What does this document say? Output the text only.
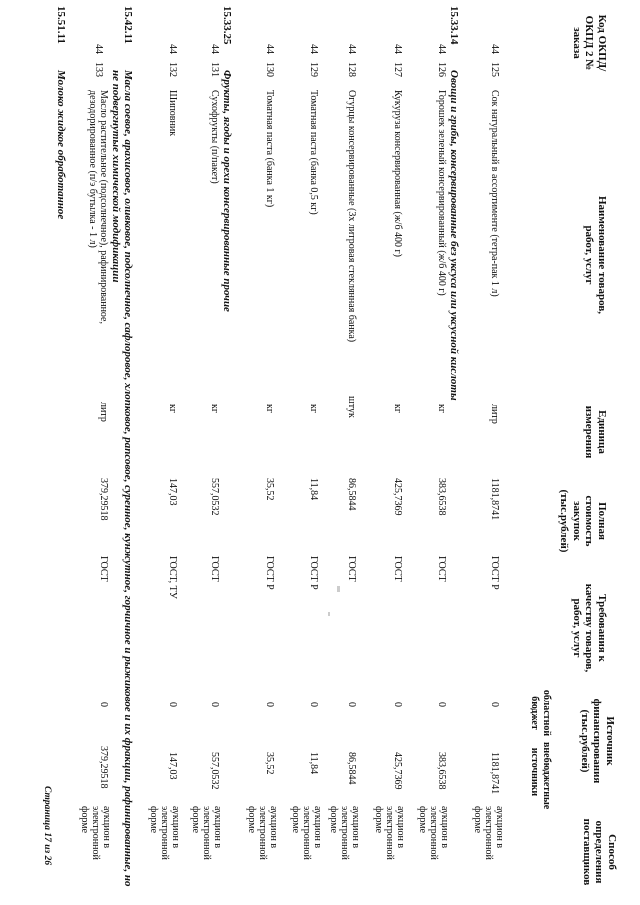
Код ОКПД/ ОКПД 2 № заказа
Наименование товаров, работ, услуг
Единица измерения
Полная стоимость закупок (тыс.рублей)
Требования к качеству товаров, работ, услуг
Источник финансирования (тыс.рублей)
областной бюджет
внебюджетные источники
Способ определения поставщиков
44
125
Сок натуральный в ассортименте (тетра-пак 1 л)
литр
1181,8741
ГОСТ Р
0
1181,8741
аукцион в электронной форме
15.33.14
Овощи и грибы, консервированные без уксуса или уксусной кислоты
44
126
Горошек зеленый консервированный (ж/б 400 г)
кг
383,6538
ГОСТ
0
383,6538
аукцион в электронной форме
44
127
Кукуруза консервированная (ж/б 400 г)
кг
425,7369
ГОСТ
0
425,7369
аукцион в электронной форме
44
128
Огурцы консервированные (3х литровая стеклянная банка)
штук
86,5844
ГОСТ
0
86,5844
аукцион в электронной форме
44
129
Томатная паста (банка 0,5 кг)
кг
11,84
ГОСТ Р
0
11,84
аукцион в электронной форме
44
130
Томатная паста (банка 1 кг)
кг
35,52
ГОСТ Р
0
35,52
аукцион в электронной форме
15.33.25
Фрукты, ягоды и орехи консервированные прочие
44
131
Сухофрукты (п/пакет)
кг
557,0532
ГОСТ
0
557,0532
аукцион в электронной форме
44
132
Шиповник
кг
147,03
ГОСТ, ТУ
0
147,03
аукцион в электронной форме
15.42.11
Масла соевое, арахисовое, оливковое, подсолнечное, сафлоровое, хлопковое, рапсовое, суренное, кунжутное, горчичное и рыжиковое и их фракции, рафинированные, но не подвергнутые химической модификации
44
133
Масло растительное (подсолнечное), рафинированное, дезодорированное (п/э бутылка - 1 л)
литр
379,29518
ГОСТ
0
379,29518
аукцион в электронной форме
15.51.11
Молоко жидкое обработанное
Страница 17 из 26
